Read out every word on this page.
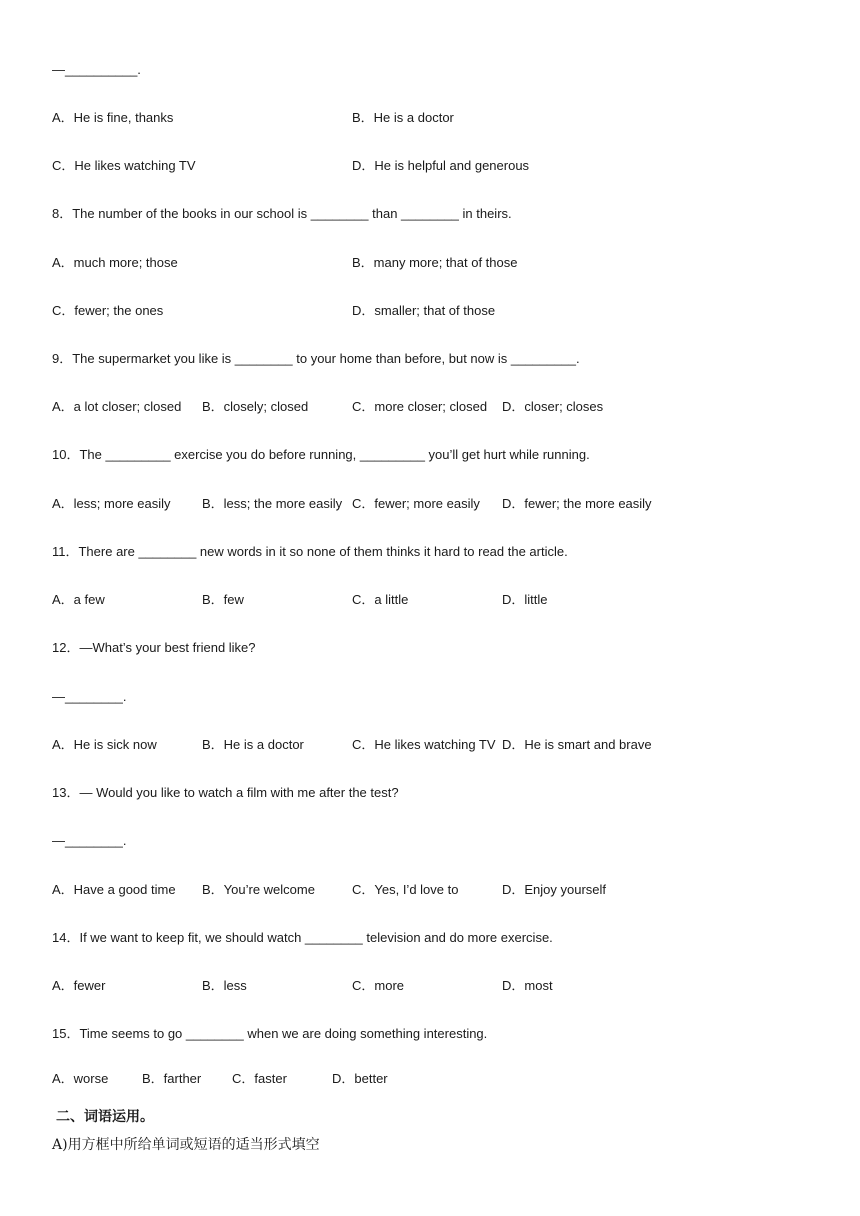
—__________.
A．He is fine, thanks	B．He is a doctor
C．He likes watching TV	D．He is helpful and generous
8．The number of the books in our school is ________ than ________ in theirs.
A．much more; those	B．many more; that of those
C．fewer; the ones	D．smaller; that of those
9．The supermarket you like is ________ to your home than before, but now is _________.
A．a lot closer; closed B．closely; closed	C．more closer; closed D．closer; closes
10．The _________ exercise you do before running, _________ you’ll get hurt while running.
A．less; more easily B．less; the more easily C．fewer; more easily D．fewer; the more easily
11．There are ________ new words in it so none of them thinks it hard to read the article.
A．a few	B．few	C．a little	D．little
12．—What’s your best friend like?
—________.
A．He is sick now	B．He is a doctor	C．He likes watching TV D．He is smart and brave
13．— Would you like to watch a film with me after the test?
—________.
A．Have a good time B．You’re welcome	C．Yes, I’d love to	D．Enjoy yourself
14．If we want to keep fit, we should watch ________ television and do more exercise.
A．fewer	B．less	C．more	D．most
15．Time seems to go ________ when we are doing something interesting.
A．worse	B．farther C．faster	D．better
二、词语运用。
A)用方框中所给单词或短语的适当形式填空
